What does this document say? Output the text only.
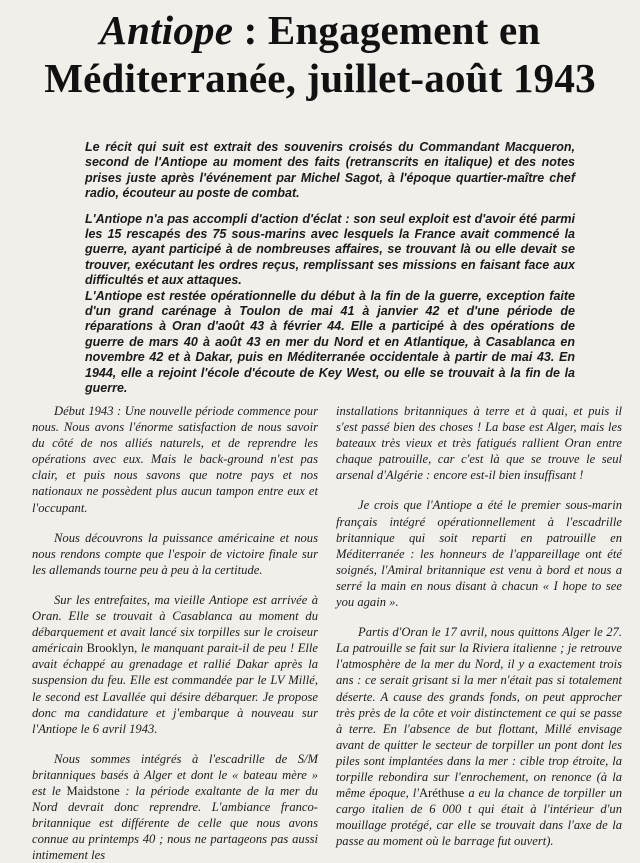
Antiope : Engagement en
Méditerranée, juillet-août 1943

Le récit qui suit est extrait des souvenirs croisés du Commandant Macqueron, second de l'Antiope au moment des faits (retranscrits en italique) et des notes prises juste après l'événement par Michel Sagot, à l'époque quartier-maître chef radio, écouteur au poste de combat.

L'Antiope n'a pas accompli d'action d'éclat : son seul exploit est d'avoir été parmi les 15 rescapés des 75 sous-marins avec lesquels la France avait commencé la guerre, ayant participé à de nombreuses affaires, se trouvant là ou elle devait se trouver, exécutant les ordres reçus, remplissant ses missions en faisant face aux difficultés et aux attaques.

L'Antiope est restée opérationnelle du début à la fin de la guerre, exception faite d'un grand carénage à Toulon de mai 41 à janvier 42 et d'une période de réparations à Oran d'août 43 à février 44. Elle a participé à des opérations de guerre de mars 40 à août 43 en mer du Nord et en Atlantique, à Casablanca en novembre 42 et à Dakar, puis en Méditerranée occidentale à partir de mai 43. En 1944, elle a rejoint l'école d'écoute de Key West, ou elle se trouvait à la fin de la guerre.

Début 1943 : Une nouvelle période commence pour nous. Nous avons l'énorme satisfaction de nous savoir du côté de nos alliés naturels, et de reprendre les opérations avec eux. Mais le back-ground n'est pas clair, et puis nous savons que notre pays et nos nationaux ne possèdent plus aucun tampon entre eux et l'occupant.

Nous découvrons la puissance américaine et nous nous rendons compte que l'espoir de victoire finale sur les allemands tourne peu à peu à la certitude.

Sur les entrefaites, ma vieille Antiope est arrivée à Oran. Elle se trouvait à Casablanca au moment du débarquement et avait lancé six torpilles sur le croiseur américain Brooklyn, le manquant parait-il de peu ! Elle avait échappé au grenadage et rallié Dakar après la suspension du feu. Elle est commandée par le LV Millé, le second est Lavallée qui désire débarquer. Je propose donc ma candidature et j'embarque à nouveau sur l'Antiope le 6 avril 1943.

Nous sommes intégrés à l'escadrille de S/M britanniques basés à Alger et dont le « bateau mère » est le Maidstone : la période exaltante de la mer du Nord devrait donc reprendre. L'ambiance franco-britannique est différente de celle que nous avons connue au printemps 40 ; nous ne partageons pas aussi intimement les

installations britanniques à terre et à quai, et puis il s'est passé bien des choses ! La base est Alger, mais les bateaux très vieux et très fatigués rallient Oran entre chaque patrouille, car c'est là que se trouve le seul arsenal d'Algérie : encore est-il bien insuffisant !

Je crois que l'Antiope a été le premier sous-marin français intégré opérationnellement à l'escadrille britannique qui soit reparti en patrouille en Méditerranée : les honneurs de l'appareillage ont été soignés, l'Amiral britannique est venu à bord et nous a serré la main en nous disant à chacun « I hope to see you again ».

Partis d'Oran le 17 avril, nous quittons Alger le 27. La patrouille se fait sur la Riviera italienne ; je retrouve l'atmosphère de la mer du Nord, il y a exactement trois ans : ce serait grisant si la mer n'était pas si totalement déserte. A cause des grands fonds, on peut approcher très près de la côte et voir distinctement ce qui se passe à terre. En l'absence de but flottant, Millé envisage avant de quitter le secteur de torpiller un pont dont les piles sont implantées dans la mer : cible trop étroite, la torpille rebondira sur l'enrochement, on renonce (à la même époque, l'Aréthuse a eu la chance de torpiller un cargo italien de 6 000 t qui était à l'intérieur d'un mouillage protégé, car elle se trouvait dans l'axe de la passe au moment où le barrage fut ouvert).
